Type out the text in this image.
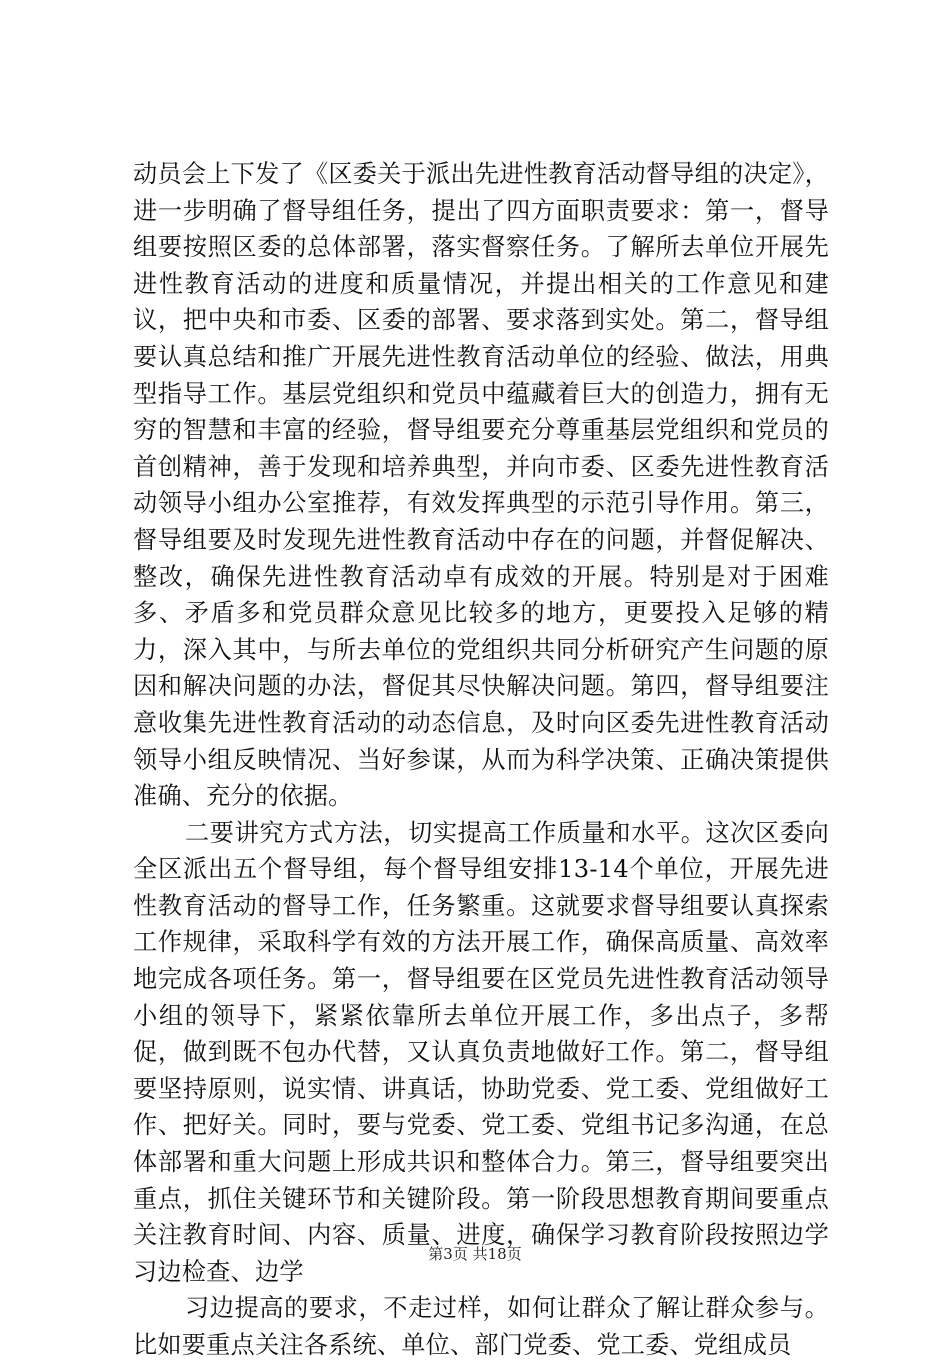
动员会上下发了《区委关于派出先进性教育活动督导组的决定》，进一步明确了督导组任务，提出了四方面职责要求：第一，督导组要按照区委的总体部署，落实督察任务。了解所去单位开展先进性教育活动的进度和质量情况，并提出相关的工作意见和建议，把中央和市委、区委的部署、要求落到实处。第二，督导组要认真总结和推广开展先进性教育活动单位的经验、做法，用典型指导工作。基层党组织和党员中蕴藏着巨大的创造力，拥有无穷的智慧和丰富的经验，督导组要充分尊重基层党组织和党员的首创精神，善于发现和培养典型，并向市委、区委先进性教育活动领导小组办公室推荐，有效发挥典型的示范引导作用。第三，督导组要及时发现先进性教育活动中存在的问题，并督促解决、整改，确保先进性教育活动卓有成效的开展。特别是对于困难多、矛盾多和党员群众意见比较多的地方，更要投入足够的精力，深入其中，与所去单位的党组织共同分析研究产生问题的原因和解决问题的办法，督促其尽快解决问题。第四，督导组要注意收集先进性教育活动的动态信息，及时向区委先进性教育活动领导小组反映情况、当好参谋，从而为科学决策、正确决策提供准确、充分的依据。

二要讲究方式方法，切实提高工作质量和水平。这次区委向全区派出五个督导组，每个督导组安排13-14个单位，开展先进性教育活动的督导工作，任务繁重。这就要求督导组要认真探索工作规律，采取科学有效的方法开展工作，确保高质量、高效率地完成各项任务。第一，督导组要在区党员先进性教育活动领导小组的领导下，紧紧依靠所去单位开展工作，多出点子，多帮促，做到既不包办代替，又认真负责地做好工作。第二，督导组要坚持原则，说实情、讲真话，协助党委、党工委、党组做好工作、把好关。同时，要与党委、党工委、党组书记多沟通，在总体部署和重大问题上形成共识和整体合力。第三，督导组要突出重点，抓住关键环节和关键阶段。第一阶段思想教育期间要重点关注教育时间、内容、质量、进度，确保学习教育阶段按照边学习边检查、边学

习边提高的要求，不走过样，如何让群众了解让群众参与。比如要重点关注各系统、单位、部门党委、党工委、党组成员

第3页 共18页
